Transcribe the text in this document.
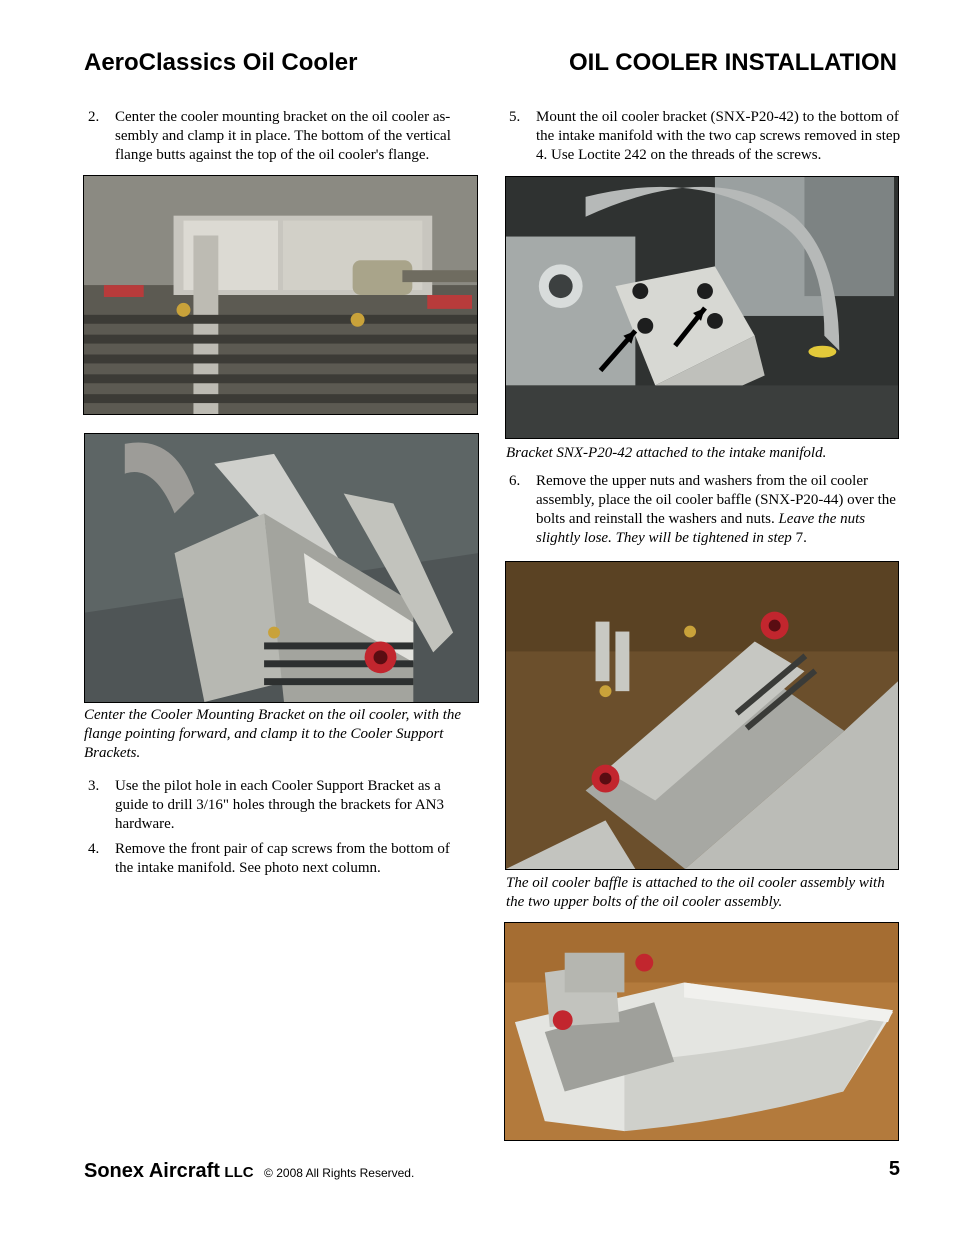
AeroClassics Oil Cooler	OIL COOLER INSTALLATION
2. Center the cooler mounting bracket on the oil cooler as-sembly and clamp it in place. The bottom of the vertical flange butts against the top of the oil cooler's flange.
Center the Cooler Mounting Bracket on the oil cooler, with the flange pointing forward, and clamp it to the Cooler Support Brackets.
3. Use the pilot hole in each Cooler Support Bracket as a guide to drill 3/16" holes through the brackets for AN3 hardware.
4. Remove the front pair of cap screws from the bottom of the intake manifold. See photo next column.
5. Mount the oil cooler bracket (SNX-P20-42) to the bottom of the intake manifold with the two cap screws removed in step 4. Use Loctite 242 on the threads of the screws.
Bracket SNX-P20-42 attached to the intake manifold.
6. Remove the upper nuts and washers from the oil cooler assembly, place the oil cooler baffle (SNX-P20-44) over the bolts and reinstall the washers and nuts. Leave the nuts slightly lose. They will be tightened in step 7.
The oil cooler baffle is attached to the oil cooler assembly with the two upper bolts of the oil cooler assembly.
Sonex Aircraft LLC © 2008 All Rights Reserved.	5
